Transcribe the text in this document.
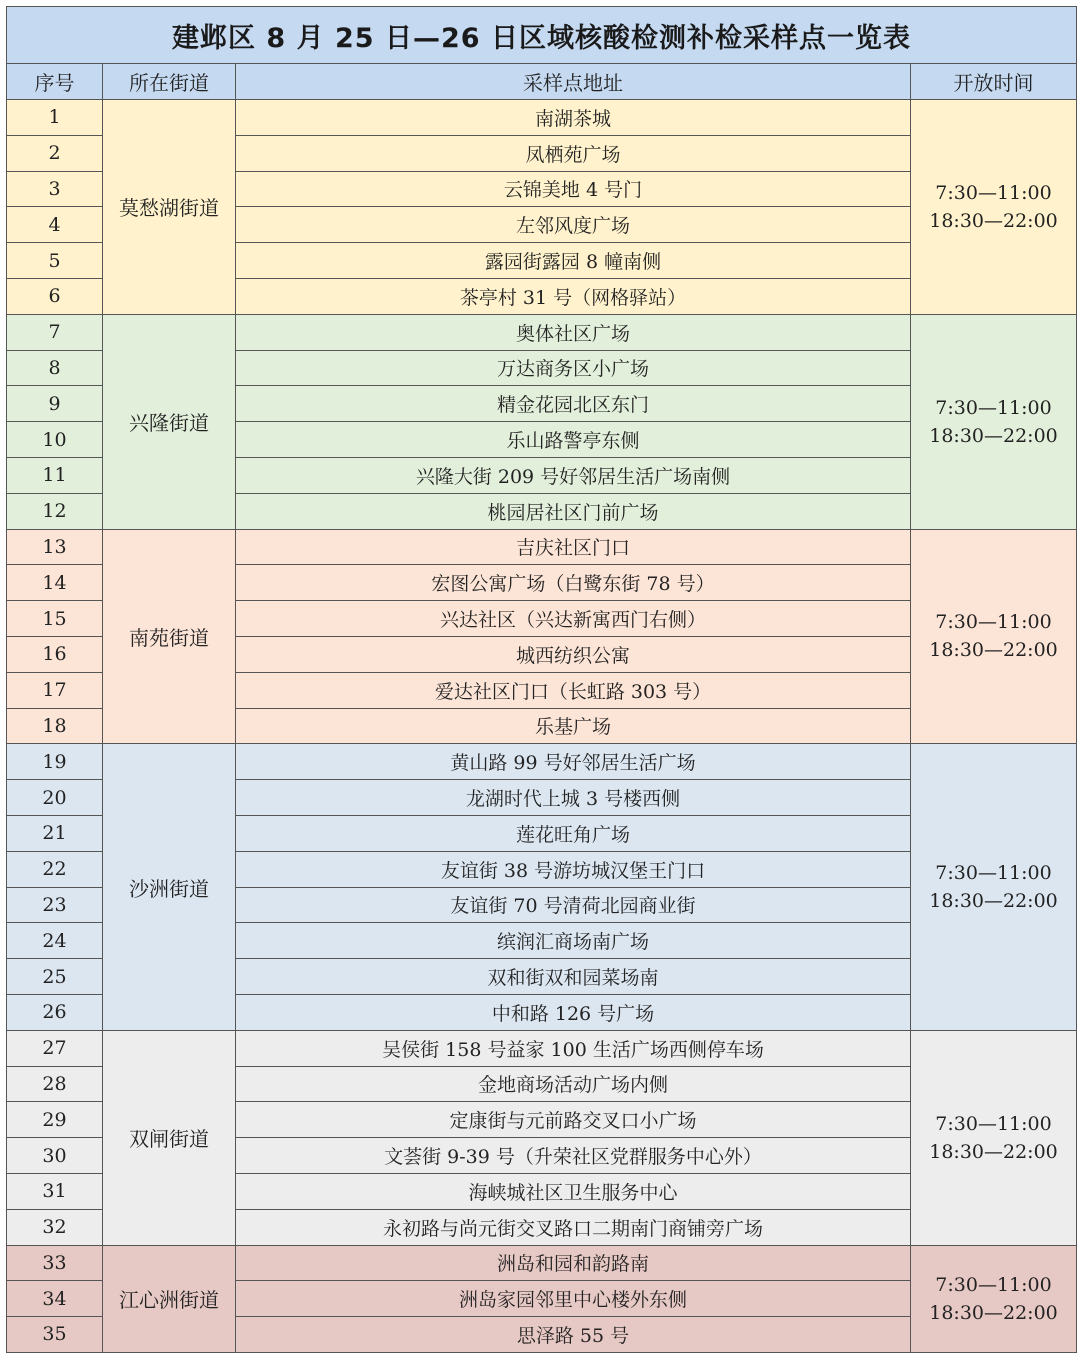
建邺区 8 月 25 日—26 日区域核酸检测补检采样点一览表			
序号	所在街道	采样点地址	开放时间
1	莫愁湖街道	南湖茶城	7:30—11:00
18:30—22:00

2		凤栖苑广场	
3		云锦美地 4 号门	
4		左邻风度广场	
5		露园街露园 8 幢南侧	
6		茶亭村 31 号（网格驿站）	
7	兴隆街道	奥体社区广场	7:30—11:00
18:30—22:00

8		万达商务区小广场	
9		精金花园北区东门	
10		乐山路警亭东侧	
11		兴隆大街 209 号好邻居生活广场南侧	
12		桃园居社区门前广场	
13	南苑街道	吉庆社区门口	7:30—11:00
18:30—22:00

14		宏图公寓广场（白鹭东街 78 号）	
15		兴达社区（兴达新寓西门右侧）	
16		城西纺织公寓	
17		爱达社区门口（长虹路 303 号）	
18		乐基广场	
19	沙洲街道	黄山路 99 号好邻居生活广场	7:30—11:00
18:30—22:00

20		龙湖时代上城 3 号楼西侧	
21		莲花旺角广场	
22		友谊街 38 号游坊城汉堡王门口	
23		友谊街 70 号清荷北园商业街	
24		缤润汇商场南广场	
25		双和街双和园菜场南	
26		中和路 126 号广场	
27	双闸街道	吴侯街 158 号益家 100 生活广场西侧停车场	7:30—11:00
18:30—22:00

28		金地商场活动广场内侧	
29		定康街与元前路交叉口小广场	
30		文荟街 9-39 号（升荣社区党群服务中心外）	
31		海峡城社区卫生服务中心	
32		永初路与尚元街交叉路口二期南门商铺旁广场	
33	江心洲街道	洲岛和园和韵路南	7:30—11:00
18:30—22:00

34		洲岛家园邻里中心楼外东侧	
35		思泽路 55 号	
